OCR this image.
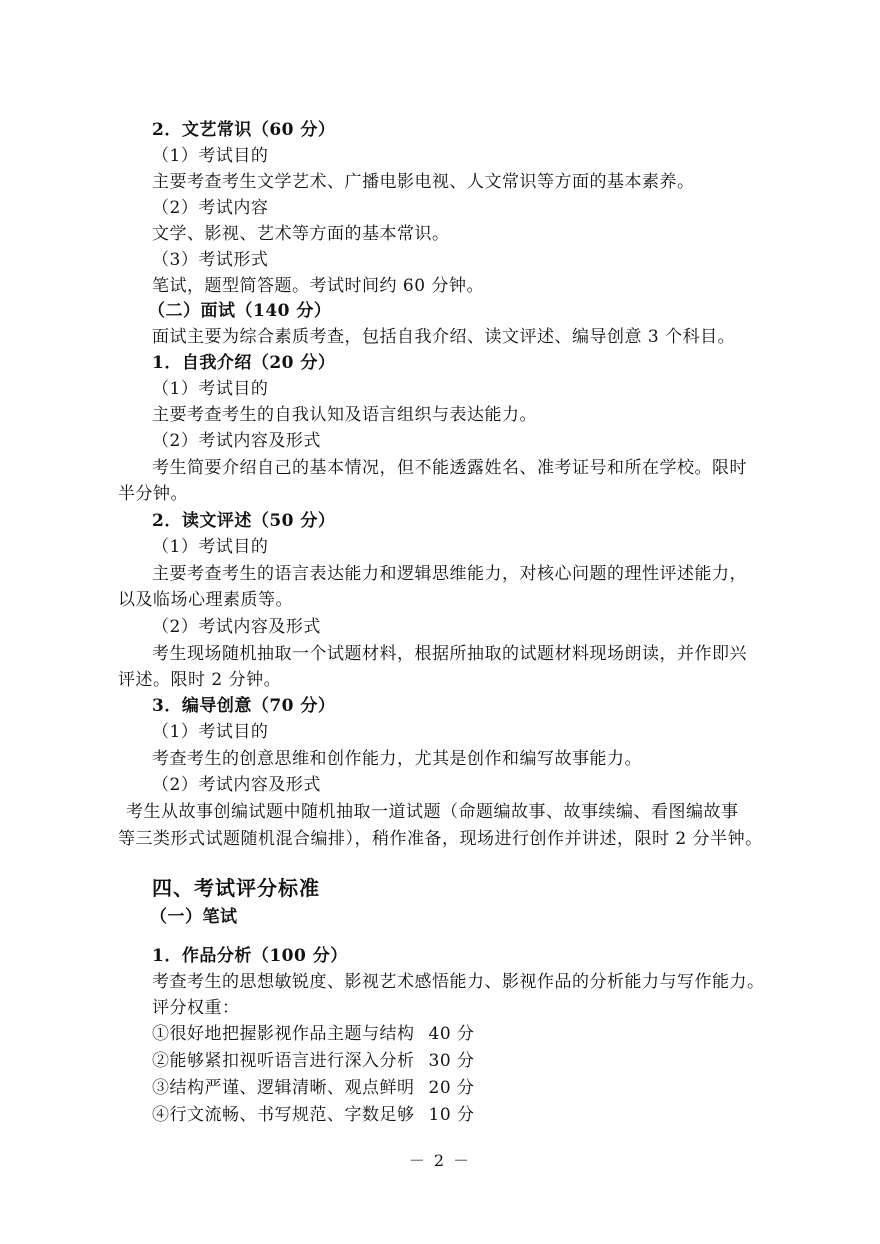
2．文艺常识（60 分）
（1）考试目的
主要考查考生文学艺术、广播电影电视、人文常识等方面的基本素养。
（2）考试内容
文学、影视、艺术等方面的基本常识。
（3）考试形式
笔试，题型简答题。考试时间约 60 分钟。
（二）面试（140 分）
面试主要为综合素质考查，包括自我介绍、读文评述、编导创意 3 个科目。
1．自我介绍（20 分）
（1）考试目的
主要考查考生的自我认知及语言组织与表达能力。
（2）考试内容及形式
考生简要介绍自己的基本情况，但不能透露姓名、准考证号和所在学校。限时
半分钟。
2．读文评述（50 分）
（1）考试目的
主要考查考生的语言表达能力和逻辑思维能力，对核心问题的理性评述能力，
以及临场心理素质等。
（2）考试内容及形式
考生现场随机抽取一个试题材料，根据所抽取的试题材料现场朗读，并作即兴
评述。限时 2 分钟。
3．编导创意（70 分）
（1）考试目的
考查考生的创意思维和创作能力，尤其是创作和编写故事能力。
（2）考试内容及形式
考生从故事创编试题中随机抽取一道试题（命题编故事、故事续编、看图编故事
等三类形式试题随机混合编排），稍作准备，现场进行创作并讲述，限时 2 分半钟。
四、考试评分标准
（一）笔试
1．作品分析（100 分）
考查考生的思想敏锐度、影视艺术感悟能力、影视作品的分析能力与写作能力。
评分权重：
①很好地把握影视作品主题与结构 40 分
②能够紧扣视听语言进行深入分析 30 分
③结构严谨、逻辑清晰、观点鲜明 20 分
④行文流畅、书写规范、字数足够 10 分
－ 2 －
